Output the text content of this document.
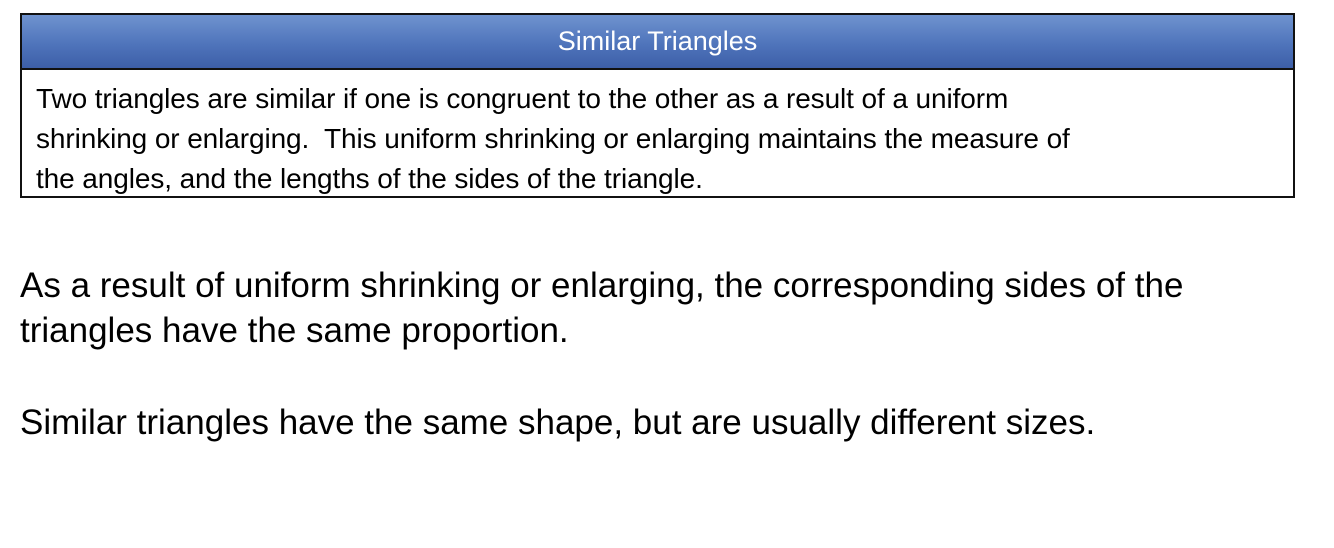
Similar Triangles
Two triangles are similar if one is congruent to the other as a result of a uniform
shrinking or enlarging.  This uniform shrinking or enlarging maintains the measure of
the angles, and the lengths of the sides of the triangle.
As a result of uniform shrinking or enlarging, the corresponding sides of the
triangles have the same proportion.

Similar triangles have the same shape, but are usually different sizes.
